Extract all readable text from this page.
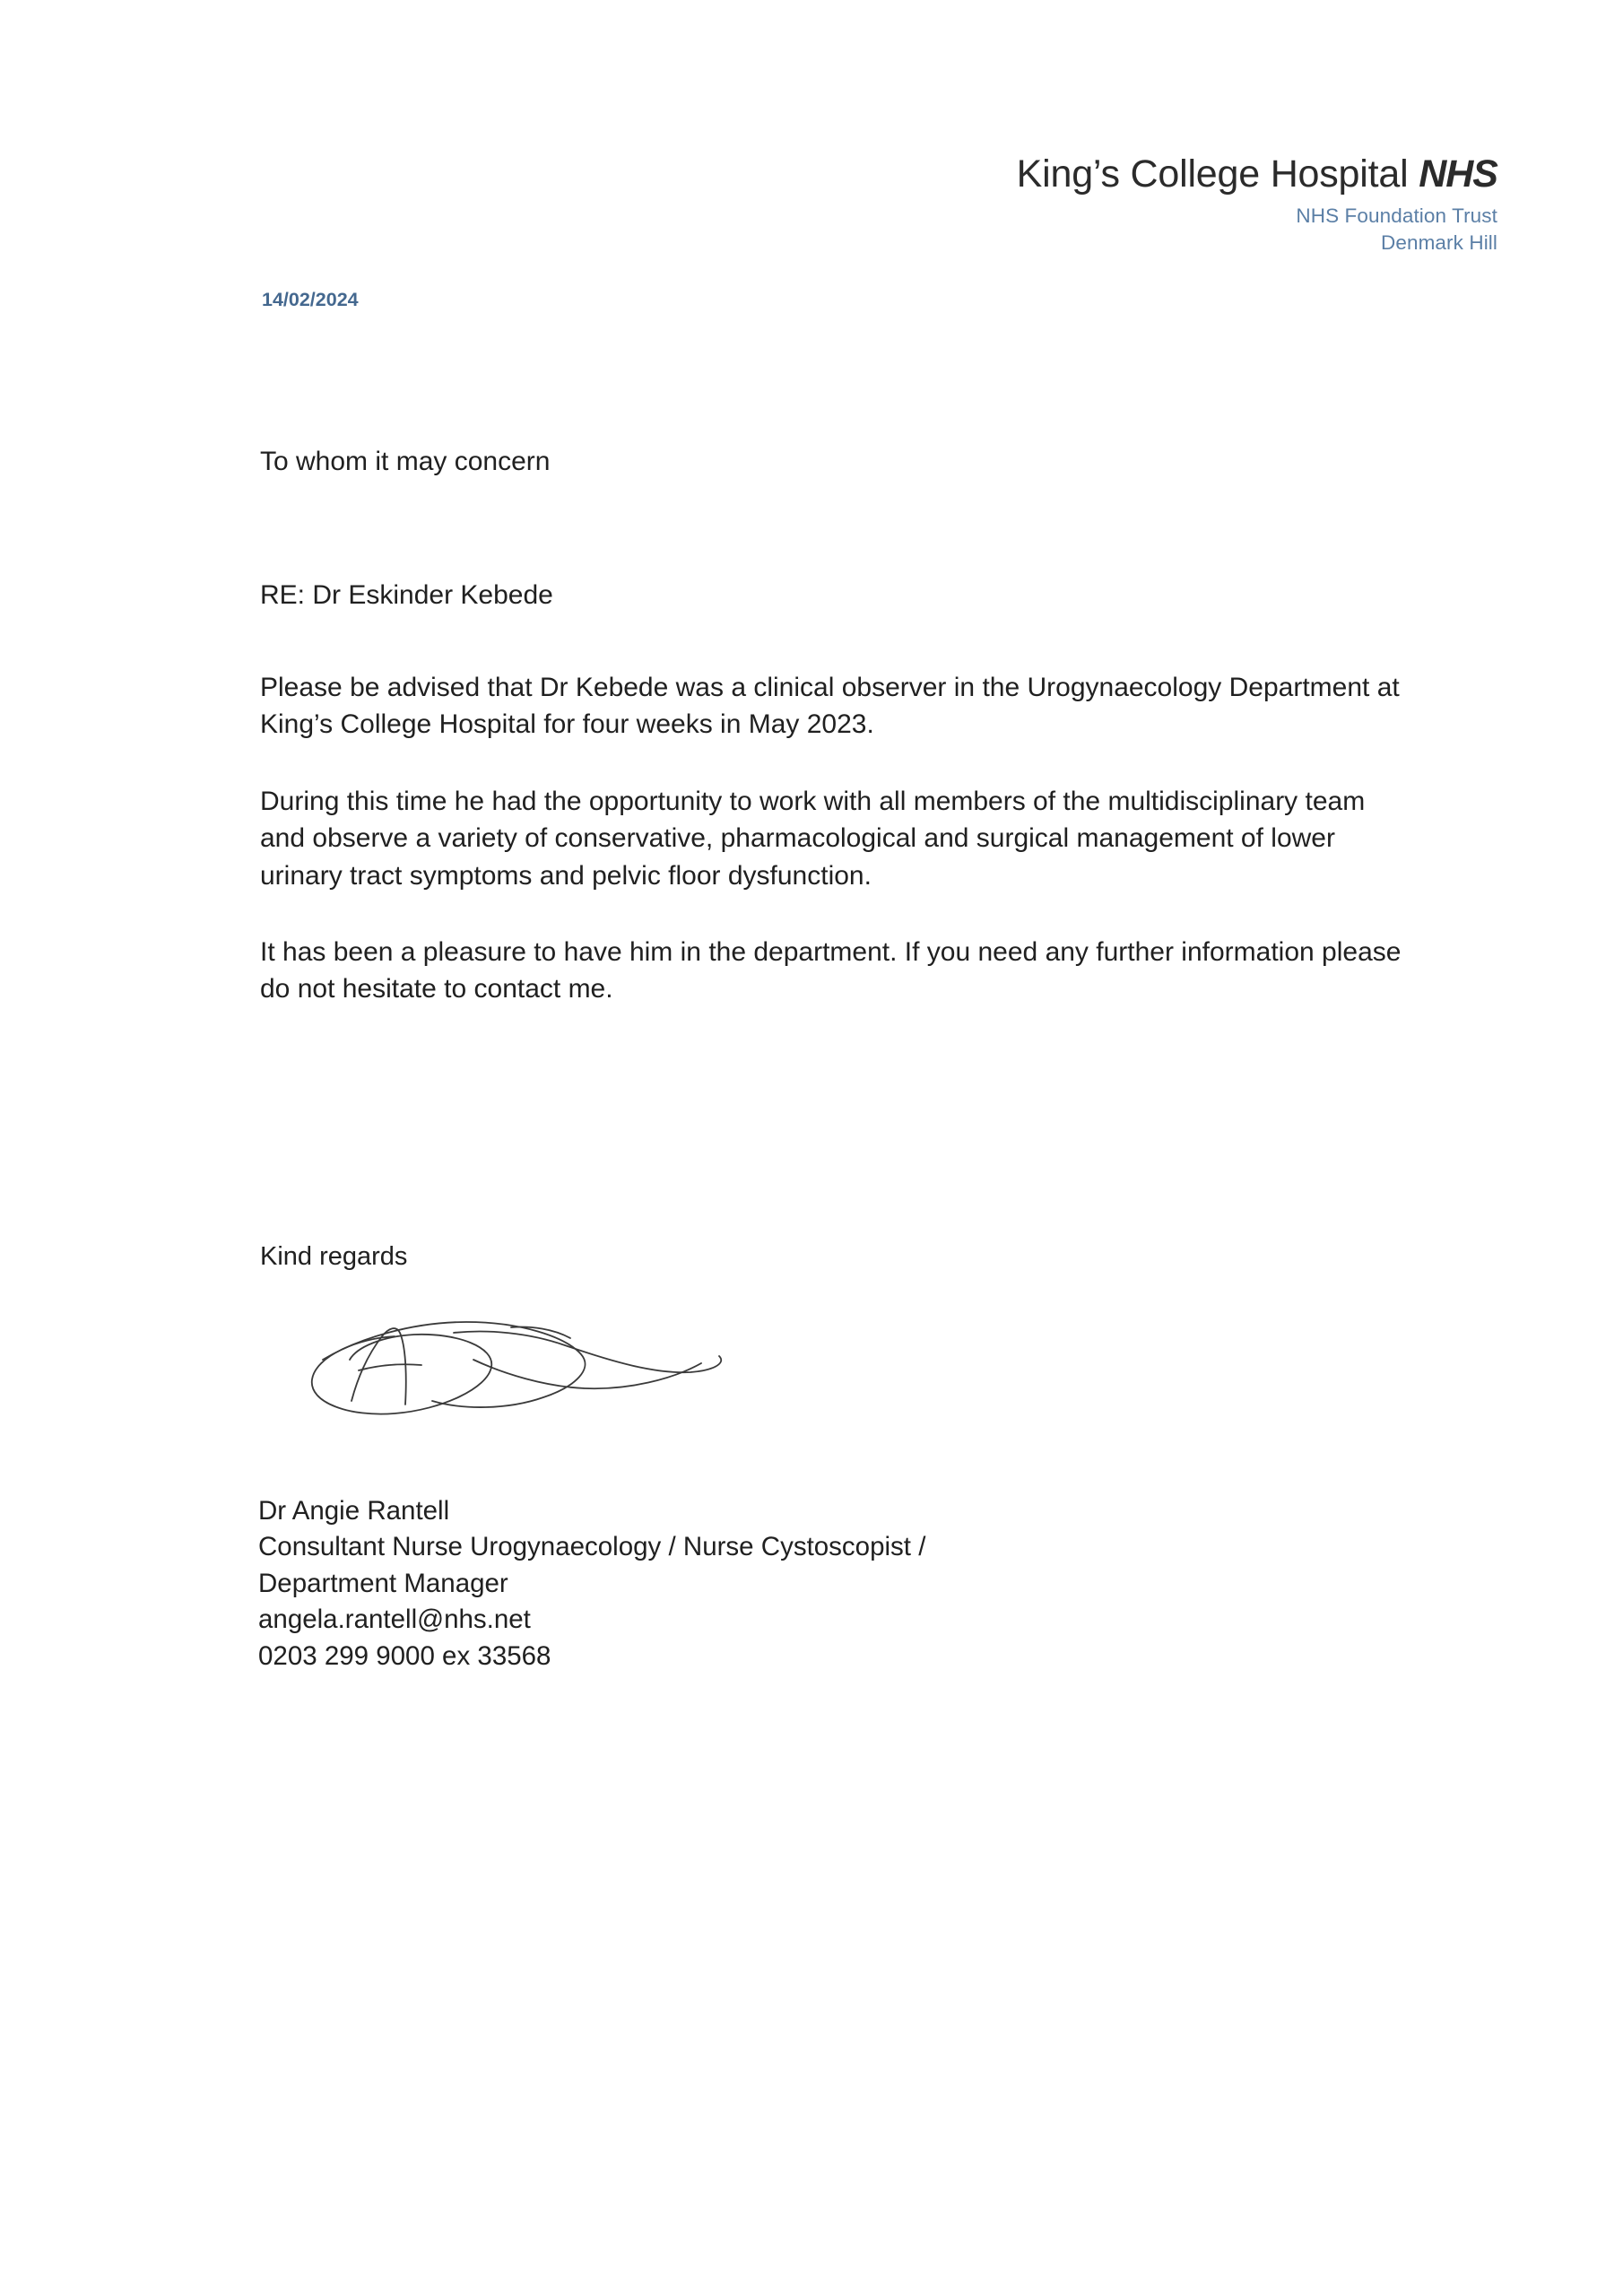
King’s College Hospital NHS
NHS Foundation Trust
Denmark Hill
14/02/2024
To whom it may concern
RE: Dr Eskinder Kebede
Please be advised that Dr Kebede was a clinical observer in the Urogynaecology Department at King’s College Hospital for four weeks in May 2023.
During this time he had the opportunity to work with all members of the multidisciplinary team and observe a variety of conservative, pharmacological and surgical management of lower urinary tract symptoms and pelvic floor dysfunction.
It has been a pleasure to have him in the department. If you need any further information please do not hesitate to contact me.
Kind regards
Dr Angie Rantell
Consultant Nurse Urogynaecology / Nurse Cystoscopist /
Department Manager
angela.rantell@nhs.net
0203 299 9000 ex 33568
